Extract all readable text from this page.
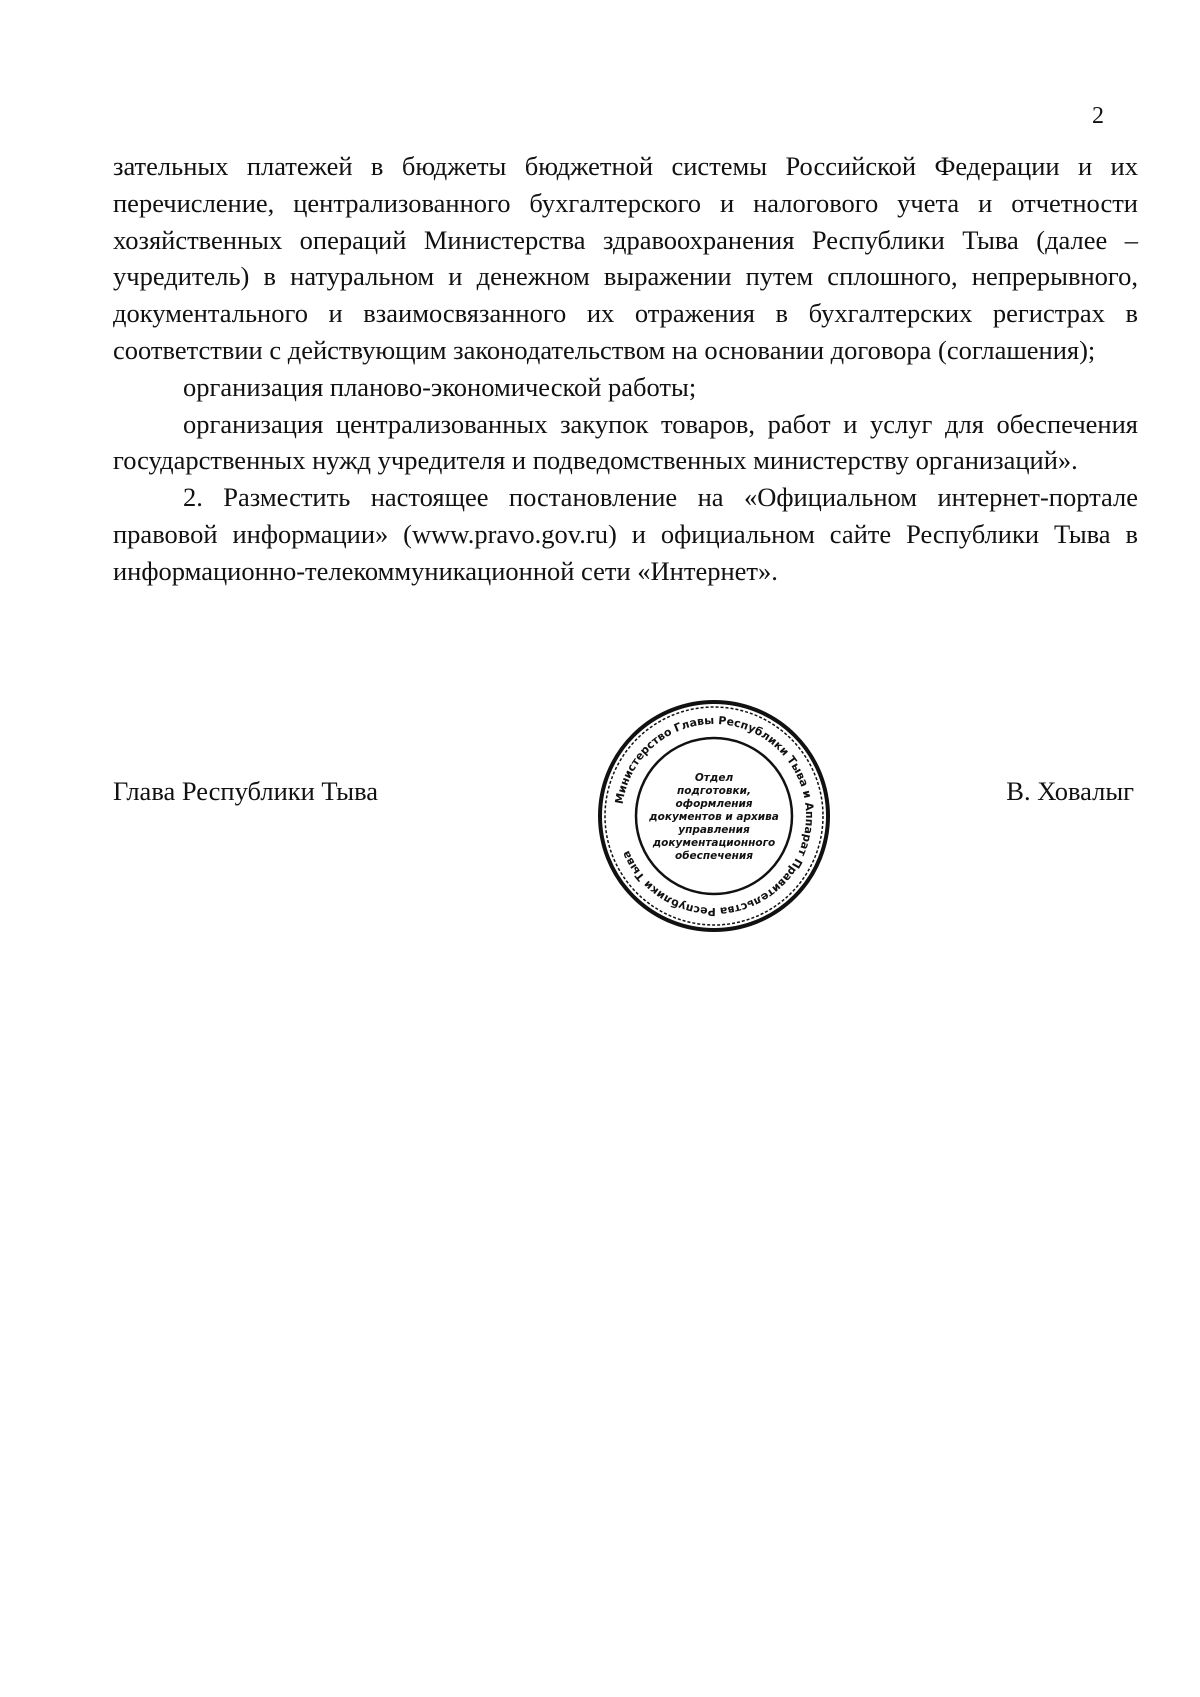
2

зательных платежей в бюджеты бюджетной системы Российской Федерации и их перечисление, централизованного бухгалтерского и налогового учета и отчетности хозяйственных операций Министерства здравоохранения Республики Тыва (далее – учредитель) в натуральном и денежном выражении путем сплошного, непрерывного, документального и взаимосвязанного их отражения в бухгалтерских регистрах в соответствии с действующим законодательством на основании договора (соглашения);

организация планово-экономической работы;

организация централизованных закупок товаров, работ и услуг для обеспечения государственных нужд учредителя и подведомственных министерству организаций».

2. Разместить настоящее постановление на «Официальном интернет-портале правовой информации» (www.pravo.gov.ru) и официальном сайте Республики Тыва в информационно-телекоммуникационной сети «Интернет».

Глава Республики Тыва	Министерство Главы Республики Тыва и Аппарат Правительства Республики Тыва
Отдел
подготовки,
оформления
документов и архива
управления
документационного
обеспечения
В. Ховалыг
